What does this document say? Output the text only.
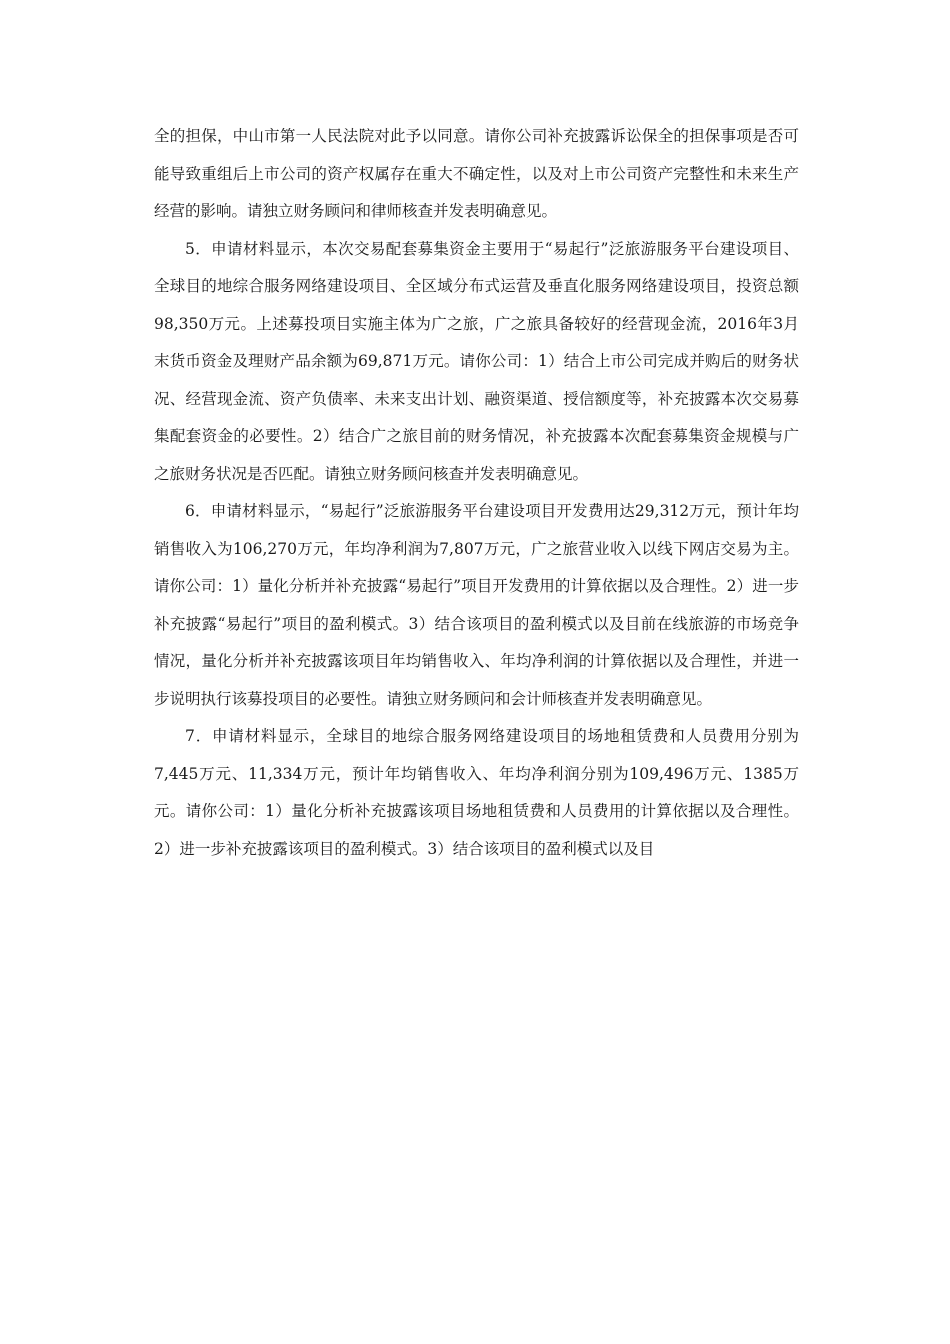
全的担保，中山市第一人民法院对此予以同意。请你公司补充披露诉讼保全的担保事项是否可能导致重组后上市公司的资产权属存在重大不确定性，以及对上市公司资产完整性和未来生产经营的影响。请独立财务顾问和律师核查并发表明确意见。

5．申请材料显示，本次交易配套募集资金主要用于“易起行”泛旅游服务平台建设项目、全球目的地综合服务网络建设项目、全区域分布式运营及垂直化服务网络建设项目，投资总额98,350万元。上述募投项目实施主体为广之旅，广之旅具备较好的经营现金流，2016年3月末货币资金及理财产品余额为69,871万元。请你公司：1）结合上市公司完成并购后的财务状况、经营现金流、资产负债率、未来支出计划、融资渠道、授信额度等，补充披露本次交易募集配套资金的必要性。2）结合广之旅目前的财务情况，补充披露本次配套募集资金规模与广之旅财务状况是否匹配。请独立财务顾问核查并发表明确意见。

6．申请材料显示，“易起行”泛旅游服务平台建设项目开发费用达29,312万元，预计年均销售收入为106,270万元，年均净利润为7,807万元，广之旅营业收入以线下网店交易为主。请你公司：1）量化分析并补充披露“易起行”项目开发费用的计算依据以及合理性。2）进一步补充披露“易起行”项目的盈利模式。3）结合该项目的盈利模式以及目前在线旅游的市场竞争情况，量化分析并补充披露该项目年均销售收入、年均净利润的计算依据以及合理性，并进一步说明执行该募投项目的必要性。请独立财务顾问和会计师核查并发表明确意见。

7．申请材料显示，全球目的地综合服务网络建设项目的场地租赁费和人员费用分别为7,445万元、11,334万元，预计年均销售收入、年均净利润分别为109,496万元、1385万元。请你公司：1）量化分析补充披露该项目场地租赁费和人员费用的计算依据以及合理性。2）进一步补充披露该项目的盈利模式。3）结合该项目的盈利模式以及目
